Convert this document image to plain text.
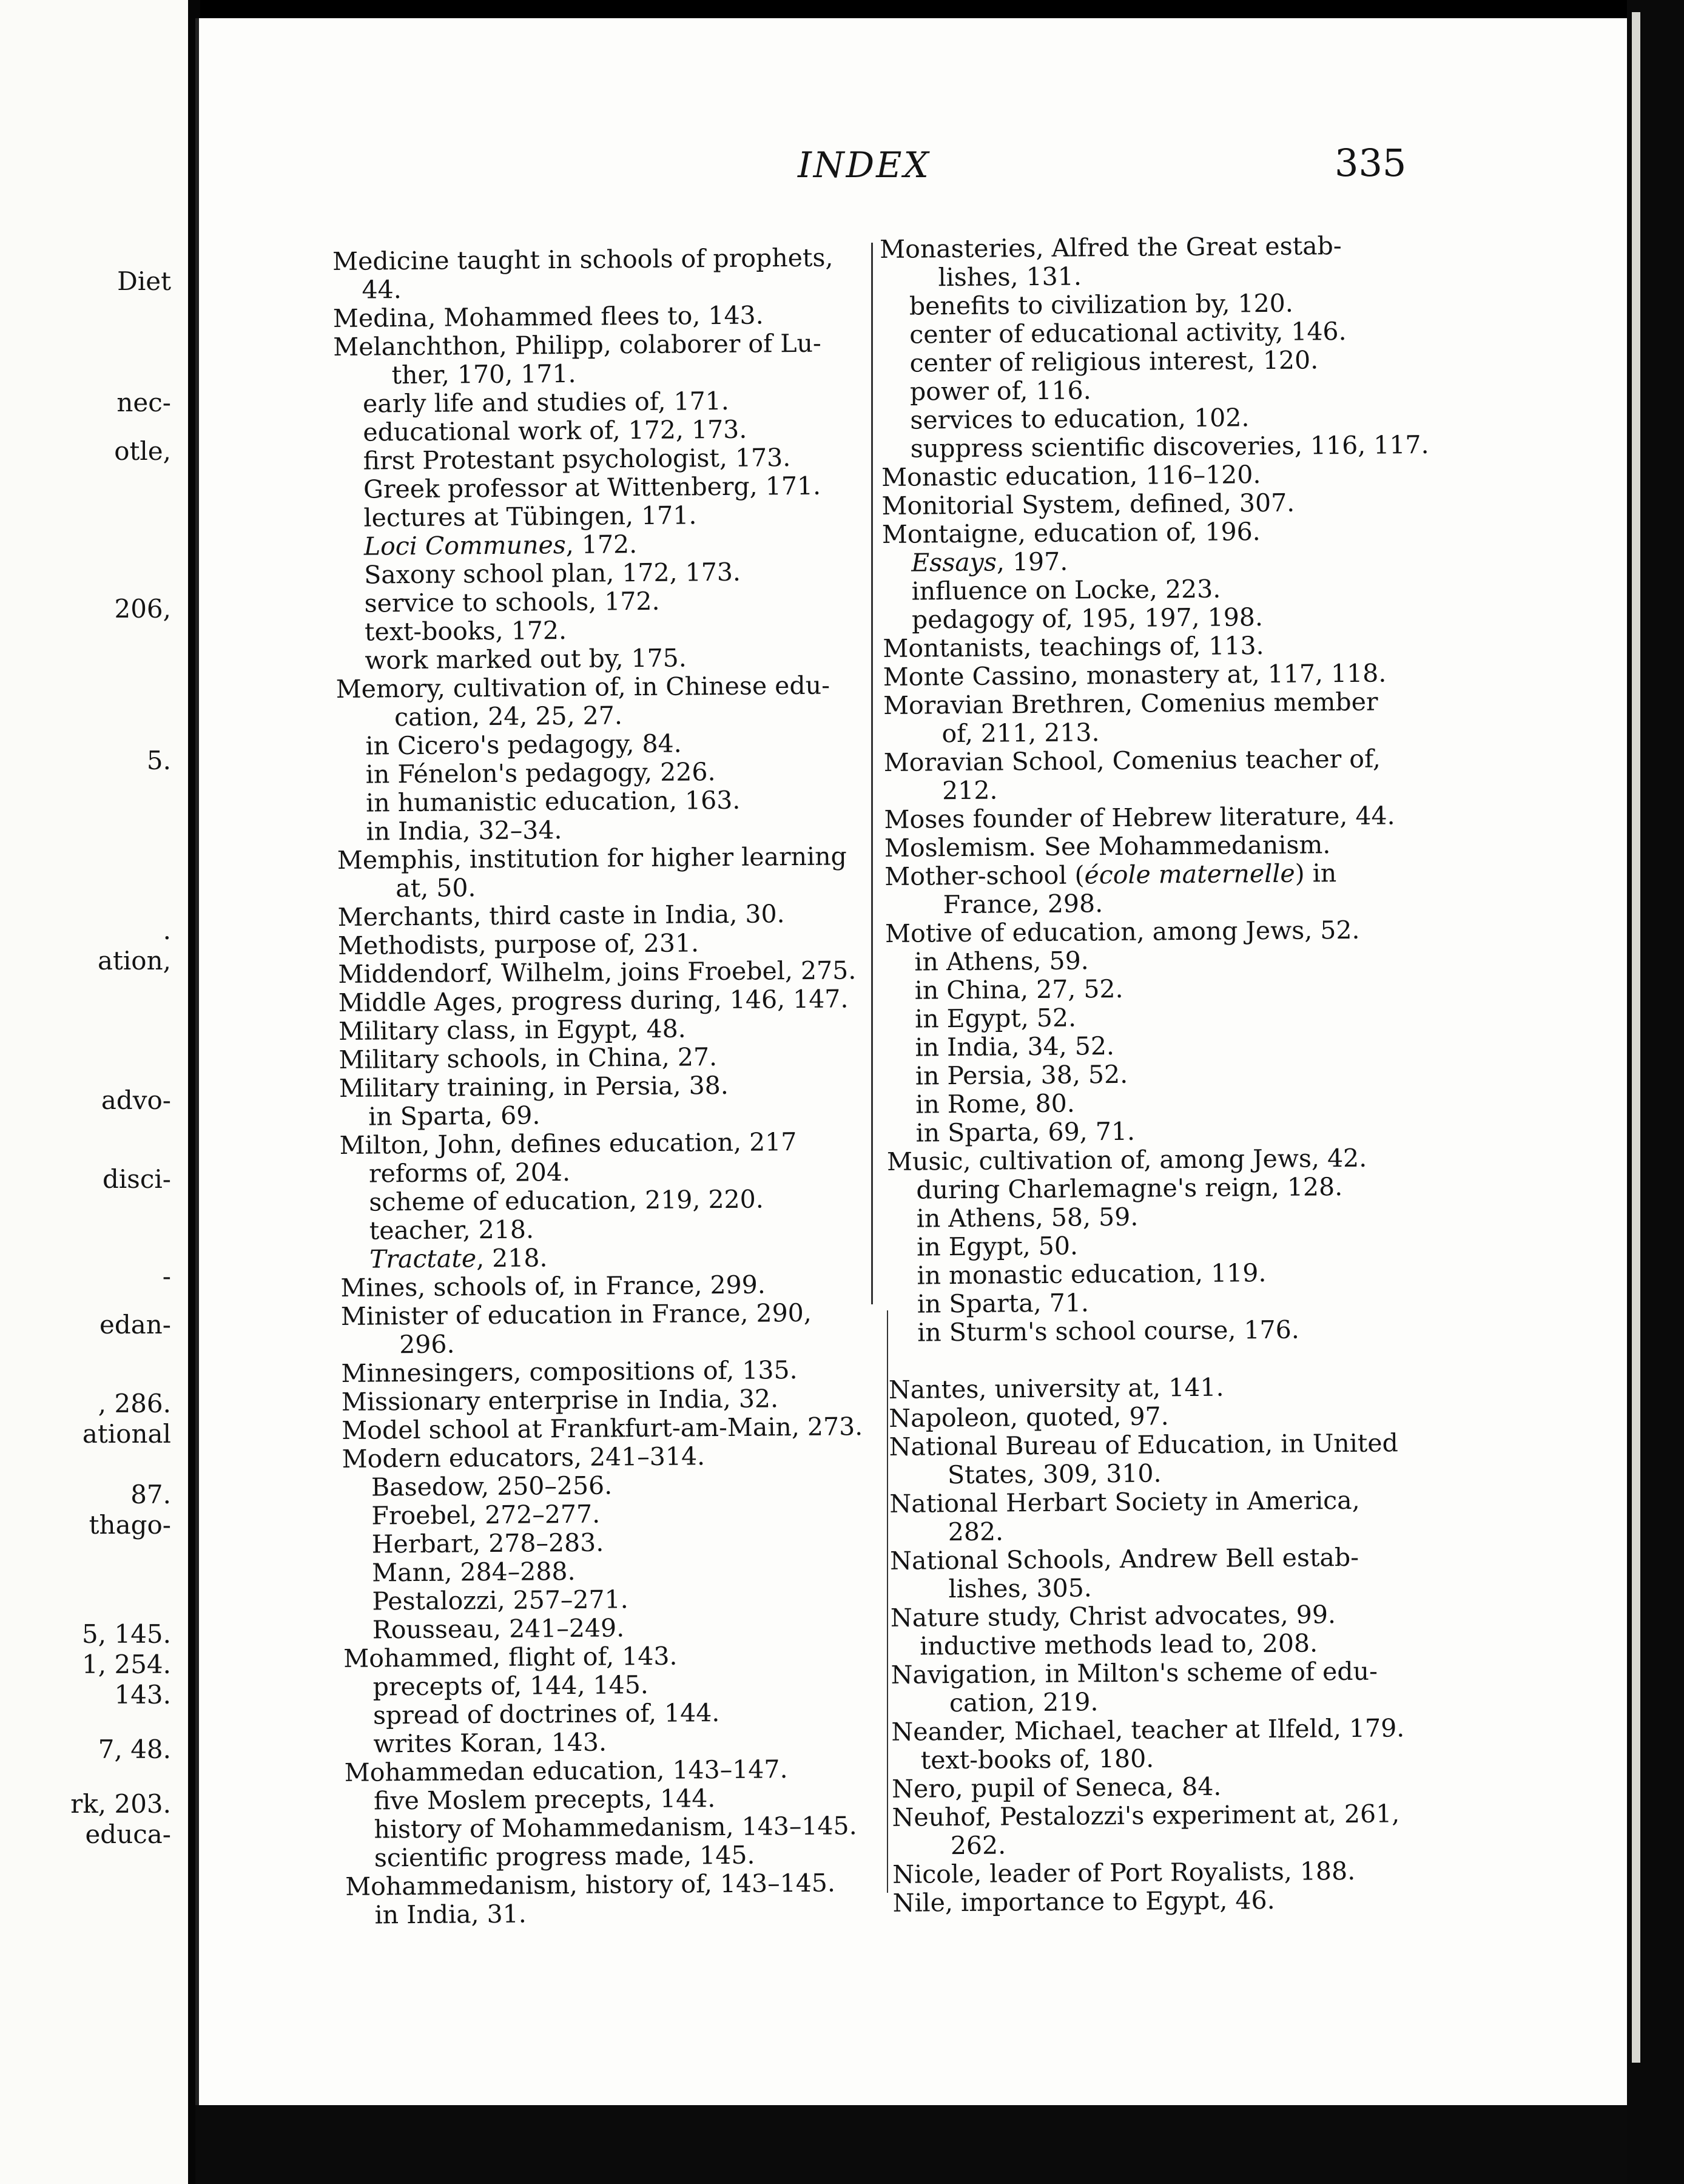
Diet
nec-
otle,
206,
5.
.
ation,
advo-
disci-
-
edan-
, 286.
ational
87.
thago-
5, 145.
1, 254.
143.
7, 48.
rk, 203.
educa-
INDEX	335
Medicine taught in schools of prophets,
44.
Medina, Mohammed flees to, 143.
Melanchthon, Philipp, colaborer of Lu-
ther, 170, 171.
early life and studies of, 171.
educational work of, 172, 173.
first Protestant psychologist, 173.
Greek professor at Wittenberg, 171.
lectures at Tübingen, 171.
Loci Communes, 172.
Saxony school plan, 172, 173.
service to schools, 172.
text-books, 172.
work marked out by, 175.
Memory, cultivation of, in Chinese edu-
cation, 24, 25, 27.
in Cicero's pedagogy, 84.
in Fénelon's pedagogy, 226.
in humanistic education, 163.
in India, 32–34.
Memphis, institution for higher learning
at, 50.
Merchants, third caste in India, 30.
Methodists, purpose of, 231.
Middendorf, Wilhelm, joins Froebel, 275.
Middle Ages, progress during, 146, 147.
Military class, in Egypt, 48.
Military schools, in China, 27.
Military training, in Persia, 38.
in Sparta, 69.
Milton, John, defines education, 217
reforms of, 204.
scheme of education, 219, 220.
teacher, 218.
Tractate, 218.
Mines, schools of, in France, 299.
Minister of education in France, 290,
296.
Minnesingers, compositions of, 135.
Missionary enterprise in India, 32.
Model school at Frankfurt-am-Main, 273.
Modern educators, 241–314.
Basedow, 250–256.
Froebel, 272–277.
Herbart, 278–283.
Mann, 284–288.
Pestalozzi, 257–271.
Rousseau, 241–249.
Mohammed, flight of, 143.
precepts of, 144, 145.
spread of doctrines of, 144.
writes Koran, 143.
Mohammedan education, 143–147.
five Moslem precepts, 144.
history of Mohammedanism, 143–145.
scientific progress made, 145.
Mohammedanism, history of, 143–145.
in India, 31.
Monasteries, Alfred the Great estab-
lishes, 131.
benefits to civilization by, 120.
center of educational activity, 146.
center of religious interest, 120.
power of, 116.
services to education, 102.
suppress scientific discoveries, 116, 117.
Monastic education, 116–120.
Monitorial System, defined, 307.
Montaigne, education of, 196.
Essays, 197.
influence on Locke, 223.
pedagogy of, 195, 197, 198.
Montanists, teachings of, 113.
Monte Cassino, monastery at, 117, 118.
Moravian Brethren, Comenius member
of, 211, 213.
Moravian School, Comenius teacher of,
212.
Moses founder of Hebrew literature, 44.
Moslemism. See Mohammedanism.
Mother-school (école maternelle) in
France, 298.
Motive of education, among Jews, 52.
in Athens, 59.
in China, 27, 52.
in Egypt, 52.
in India, 34, 52.
in Persia, 38, 52.
in Rome, 80.
in Sparta, 69, 71.
Music, cultivation of, among Jews, 42.
during Charlemagne's reign, 128.
in Athens, 58, 59.
in Egypt, 50.
in monastic education, 119.
in Sparta, 71.
in Sturm's school course, 176.
Nantes, university at, 141.
Napoleon, quoted, 97.
National Bureau of Education, in United
States, 309, 310.
National Herbart Society in America,
282.
National Schools, Andrew Bell estab-
lishes, 305.
Nature study, Christ advocates, 99.
inductive methods lead to, 208.
Navigation, in Milton's scheme of edu-
cation, 219.
Neander, Michael, teacher at Ilfeld, 179.
text-books of, 180.
Nero, pupil of Seneca, 84.
Neuhof, Pestalozzi's experiment at, 261,
262.
Nicole, leader of Port Royalists, 188.
Nile, importance to Egypt, 46.
